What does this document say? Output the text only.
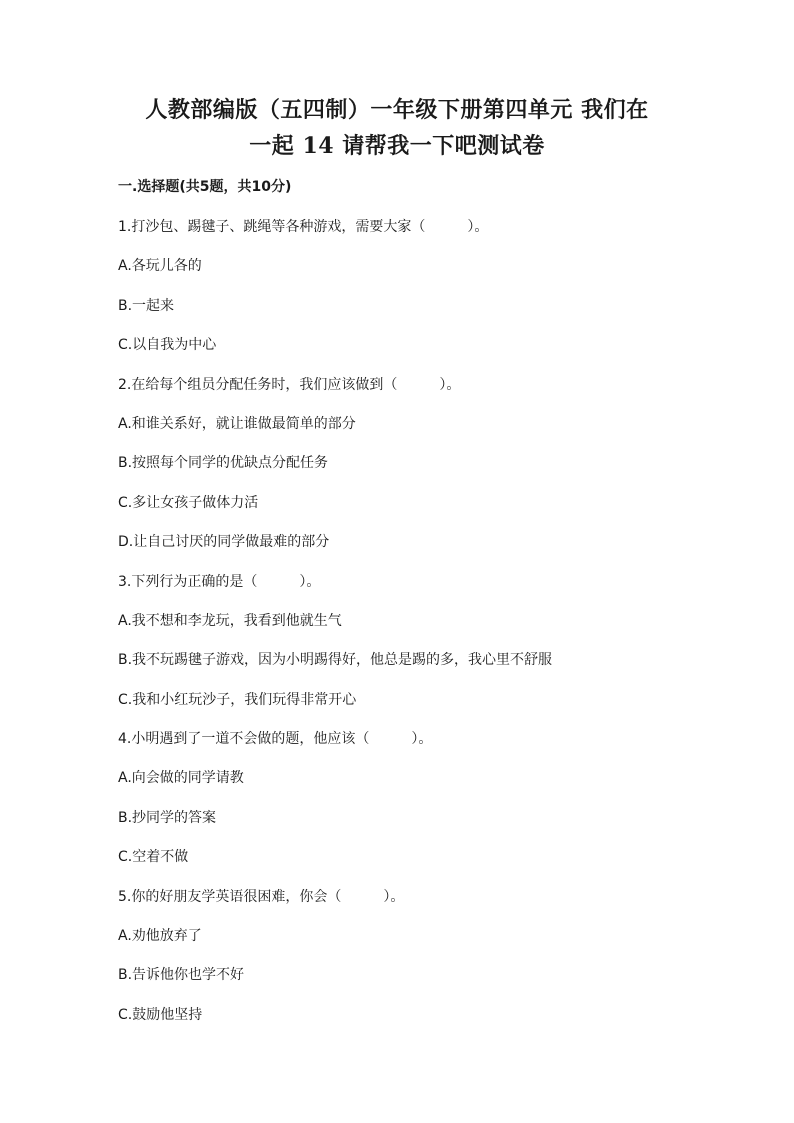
人教部编版（五四制）一年级下册第四单元 我们在
一起 14 请帮我一下吧测试卷
一.选择题(共5题，共10分)
1.打沙包、踢毽子、跳绳等各种游戏，需要大家（　　　）。
A.各玩儿各的
B.一起来
C.以自我为中心
2.在给每个组员分配任务时，我们应该做到（　　　）。
A.和谁关系好，就让谁做最简单的部分
B.按照每个同学的优缺点分配任务
C.多让女孩子做体力活
D.让自己讨厌的同学做最难的部分
3.下列行为正确的是（　　　）。
A.我不想和李龙玩，我看到他就生气
B.我不玩踢毽子游戏，因为小明踢得好，他总是踢的多，我心里不舒服
C.我和小红玩沙子，我们玩得非常开心
4.小明遇到了一道不会做的题，他应该（　　　）。
A.向会做的同学请教
B.抄同学的答案
C.空着不做
5.你的好朋友学英语很困难，你会（　　　）。
A.劝他放弃了
B.告诉他你也学不好
C.鼓励他坚持
